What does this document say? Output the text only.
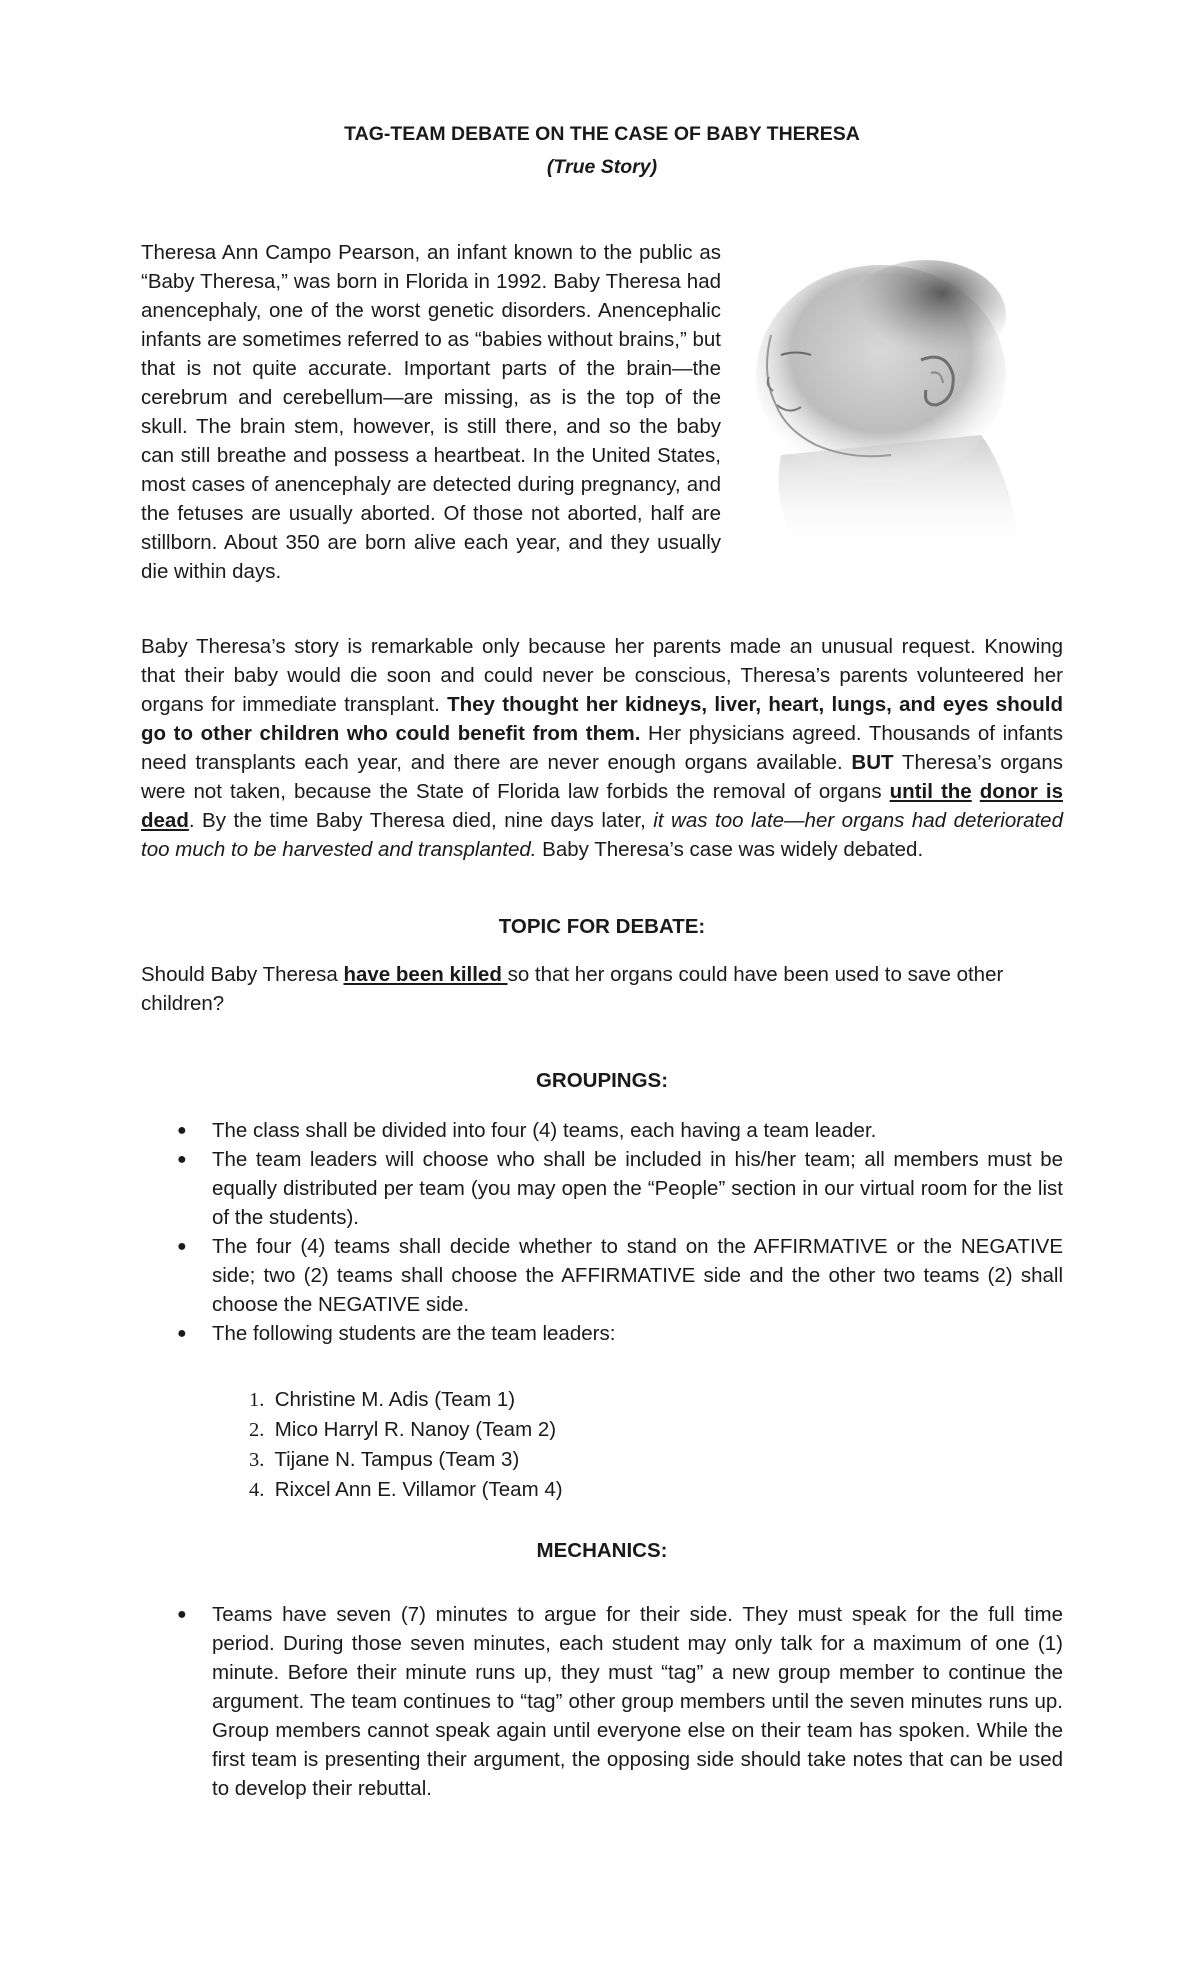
TAG-TEAM DEBATE ON THE CASE OF BABY THERESA
(True Story)
Theresa Ann Campo Pearson, an infant known to the public as “Baby Theresa,” was born in Florida in 1992. Baby Theresa had anencephaly, one of the worst genetic disorders. Anencephalic infants are sometimes referred to as “babies without brains,” but that is not quite accurate. Important parts of the brain—the cerebrum and cerebellum—are missing, as is the top of the skull. The brain stem, however, is still there, and so the baby can still breathe and possess a heartbeat. In the United States, most cases of anencephaly are detected during pregnancy, and the fetuses are usually aborted. Of those not aborted, half are stillborn. About 350 are born alive each year, and they usually die within days.
Baby Theresa’s story is remarkable only because her parents made an unusual request. Knowing that their baby would die soon and could never be conscious, Theresa’s parents volunteered her organs for immediate transplant. They thought her kidneys, liver, heart, lungs, and eyes should go to other children who could benefit from them. Her physicians agreed. Thousands of infants need transplants each year, and there are never enough organs available. BUT Theresa’s organs were not taken, because the State of Florida law forbids the removal of organs until the donor is dead. By the time Baby Theresa died, nine days later, it was too late—her organs had deteriorated too much to be harvested and transplanted. Baby Theresa’s case was widely debated.
TOPIC FOR DEBATE:
Should Baby Theresa have been killed so that her organs could have been used to save other children?
GROUPINGS:
● The class shall be divided into four (4) teams, each having a team leader.
● The team leaders will choose who shall be included in his/her team; all members must be equally distributed per team (you may open the “People” section in our virtual room for the list of the students).
● The four (4) teams shall decide whether to stand on the AFFIRMATIVE or the NEGATIVE side; two (2) teams shall choose the AFFIRMATIVE side and the other two teams (2) shall choose the NEGATIVE side.
● The following students are the team leaders:
1. Christine M. Adis (Team 1)
2. Mico Harryl R. Nanoy (Team 2)
3. Tijane N. Tampus (Team 3)
4. Rixcel Ann E. Villamor (Team 4)
MECHANICS:
● Teams have seven (7) minutes to argue for their side. They must speak for the full time period. During those seven minutes, each student may only talk for a maximum of one (1) minute. Before their minute runs up, they must “tag” a new group member to continue the argument. The team continues to “tag” other group members until the seven minutes runs up. Group members cannot speak again until everyone else on their team has spoken. While the first team is presenting their argument, the opposing side should take notes that can be used to develop their rebuttal.
